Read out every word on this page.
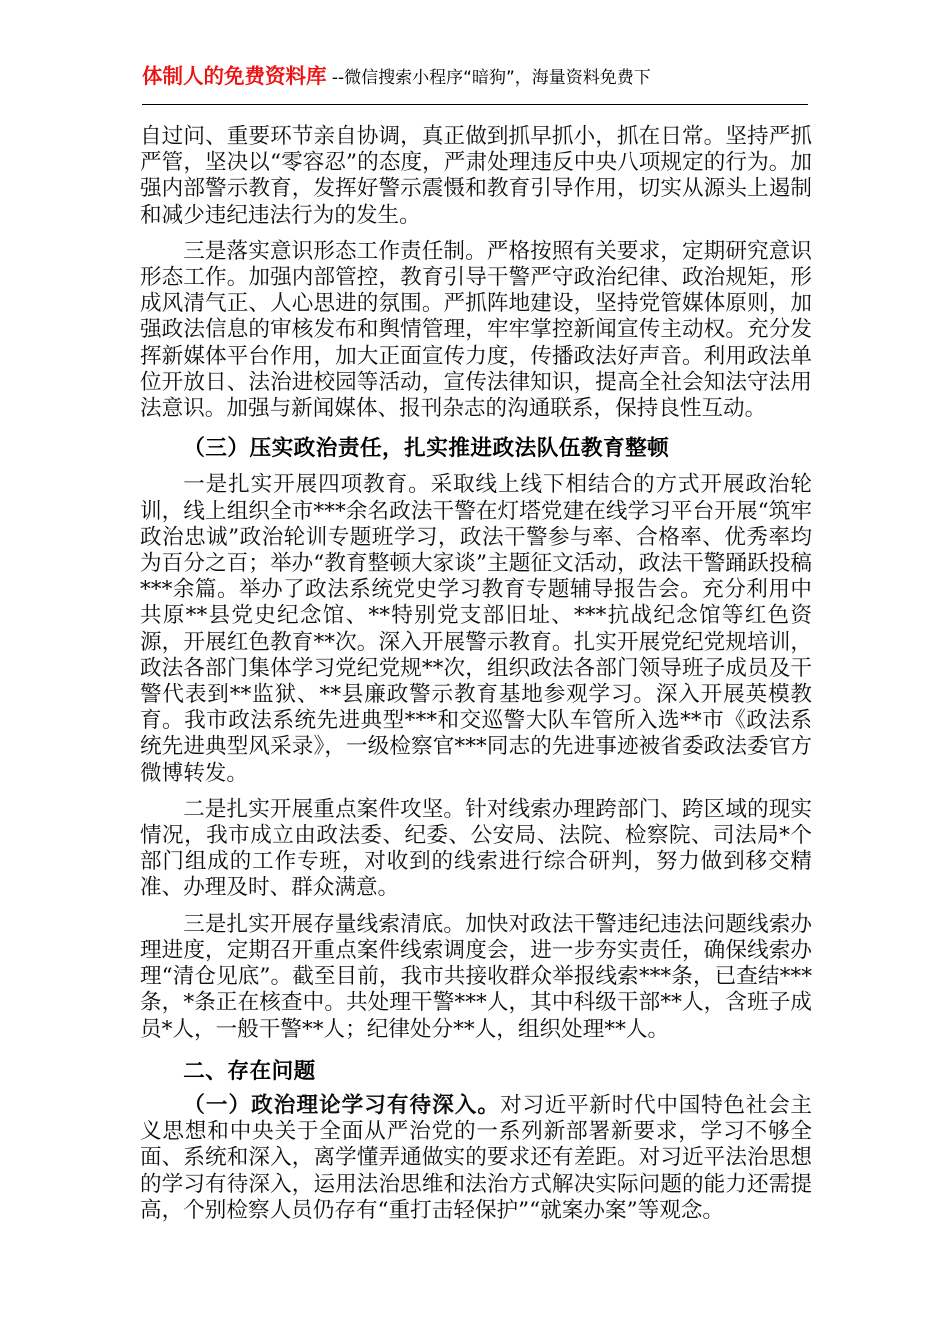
体制人的免费资料库 --微信搜索小程序“暗狗”，海量资料免费下

自过问、重要环节亲自协调，真正做到抓早抓小，抓在日常。坚持严抓严管，坚决以“零容忍”的态度，严肃处理违反中央八项规定的行为。加强内部警示教育，发挥好警示震慑和教育引导作用，切实从源头上遏制和减少违纪违法行为的发生。

三是落实意识形态工作责任制。严格按照有关要求，定期研究意识形态工作。加强内部管控，教育引导干警严守政治纪律、政治规矩，形成风清气正、人心思进的氛围。严抓阵地建设，坚持党管媒体原则，加强政法信息的审核发布和舆情管理，牢牢掌控新闻宣传主动权。充分发挥新媒体平台作用，加大正面宣传力度，传播政法好声音。利用政法单位开放日、法治进校园等活动，宣传法律知识，提高全社会知法守法用法意识。加强与新闻媒体、报刊杂志的沟通联系，保持良性互动。

（三）压实政治责任，扎实推进政法队伍教育整顿

一是扎实开展四项教育。采取线上线下相结合的方式开展政治轮训，线上组织全市***余名政法干警在灯塔党建在线学习平台开展“筑牢政治忠诚”政治轮训专题班学习，政法干警参与率、合格率、优秀率均为百分之百；举办“教育整顿大家谈”主题征文活动，政法干警踊跃投稿***余篇。举办了政法系统党史学习教育专题辅导报告会。充分利用中共原**县党史纪念馆、**特别党支部旧址、***抗战纪念馆等红色资源，开展红色教育**次。深入开展警示教育。扎实开展党纪党规培训，政法各部门集体学习党纪党规**次，组织政法各部门领导班子成员及干警代表到**监狱、**县廉政警示教育基地参观学习。深入开展英模教育。我市政法系统先进典型***和交巡警大队车管所入选**市《政法系统先进典型风采录》，一级检察官***同志的先进事迹被省委政法委官方微博转发。

二是扎实开展重点案件攻坚。针对线索办理跨部门、跨区域的现实情况，我市成立由政法委、纪委、公安局、法院、检察院、司法局*个部门组成的工作专班，对收到的线索进行综合研判，努力做到移交精准、办理及时、群众满意。

三是扎实开展存量线索清底。加快对政法干警违纪违法问题线索办理进度，定期召开重点案件线索调度会，进一步夯实责任，确保线索办理“清仓见底”。截至目前，我市共接收群众举报线索***条，已查结***条，*条正在核查中。共处理干警***人，其中科级干部**人，含班子成员*人，一般干警**人；纪律处分**人，组织处理**人。

二、存在问题

（一）政治理论学习有待深入。对习近平新时代中国特色社会主义思想和中央关于全面从严治党的一系列新部署新要求，学习不够全面、系统和深入，离学懂弄通做实的要求还有差距。对习近平法治思想的学习有待深入，运用法治思维和法治方式解决实际问题的能力还需提高，个别检察人员仍存有“重打击轻保护”“就案办案”等观念。
